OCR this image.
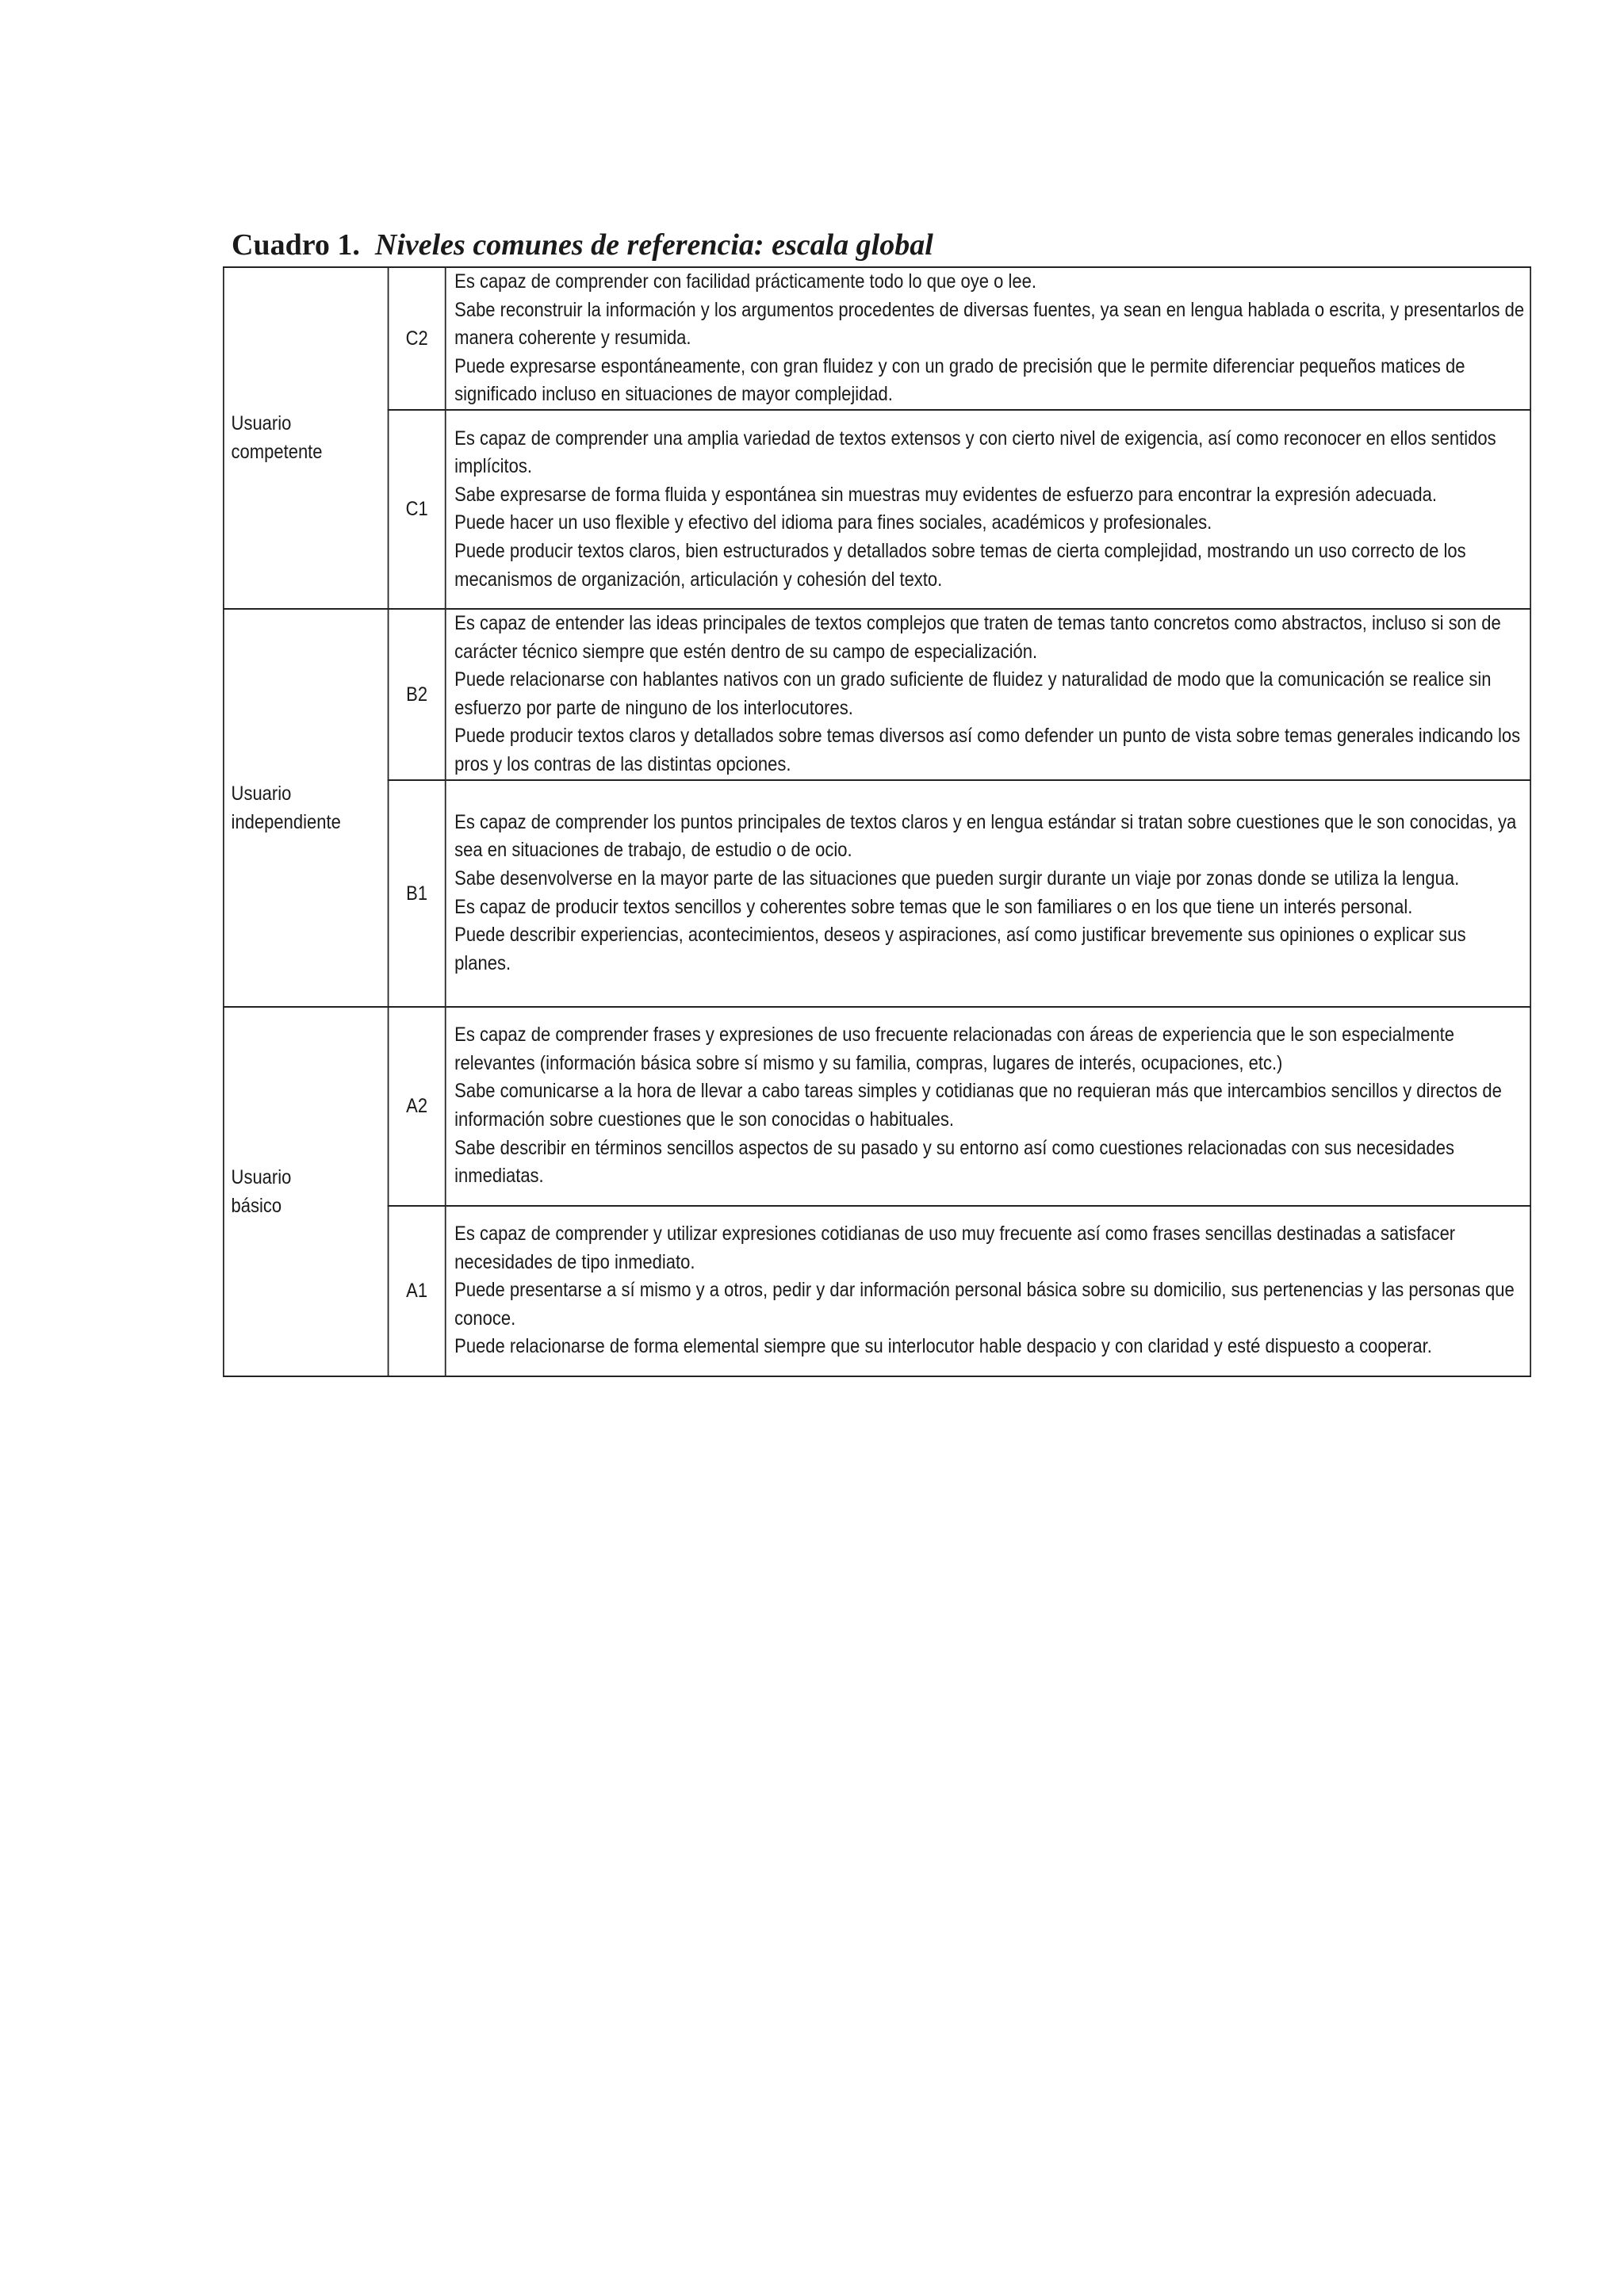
Cuadro 1. Niveles comunes de referencia: escala global
Usuario competente	C2	Es capaz de comprender con facilidad prácticamente todo lo que oye o lee.
Sabe reconstruir la información y los argumentos procedentes de diversas fuentes, ya sean en lengua hablada o escrita, y presentarlos de manera coherente y resumida.
Puede expresarse espontáneamente, con gran fluidez y con un grado de precisión que le permite diferenciar pequeños matices de significado incluso en situaciones de mayor complejidad.

	C1	Es capaz de comprender una amplia variedad de textos extensos y con cierto nivel de exigencia, así como reconocer en ellos sentidos implícitos.
Sabe expresarse de forma fluida y espontánea sin muestras muy evidentes de esfuerzo para encontrar la expresión adecuada.
Puede hacer un uso flexible y efectivo del idioma para fines sociales, académicos y profesionales.
Puede producir textos claros, bien estructurados y detallados sobre temas de cierta complejidad, mostrando un uso correcto de los mecanismos de organización, articulación y cohesión del texto.

Usuario independiente	B2	Es capaz de entender las ideas principales de textos complejos que traten de temas tanto concretos como abstractos, incluso si son de carácter técnico siempre que estén dentro de su campo de especialización.
Puede relacionarse con hablantes nativos con un grado suficiente de fluidez y naturalidad de modo que la comunicación se realice sin esfuerzo por parte de ninguno de los interlocutores.
Puede producir textos claros y detallados sobre temas diversos así como defender un punto de vista sobre temas generales indicando los pros y los contras de las distintas opciones.

	B1	Es capaz de comprender los puntos principales de textos claros y en lengua estándar si tratan sobre cuestiones que le son conocidas, ya sea en situaciones de trabajo, de estudio o de ocio.
Sabe desenvolverse en la mayor parte de las situaciones que pueden surgir durante un viaje por zonas donde se utiliza la lengua.
Es capaz de producir textos sencillos y coherentes sobre temas que le son familiares o en los que tiene un interés personal.
Puede describir experiencias, acontecimientos, deseos y aspiraciones, así como justificar brevemente sus opiniones o explicar sus planes.

Usuario básico	A2	Es capaz de comprender frases y expresiones de uso frecuente relacionadas con áreas de experiencia que le son especialmente relevantes (información básica sobre sí mismo y su familia, compras, lugares de interés, ocupaciones, etc.)
Sabe comunicarse a la hora de llevar a cabo tareas simples y cotidianas que no requieran más que intercambios sencillos y directos de información sobre cuestiones que le son conocidas o habituales.
Sabe describir en términos sencillos aspectos de su pasado y su entorno así como cuestiones relacionadas con sus necesidades inmediatas.

	A1	Es capaz de comprender y utilizar expresiones cotidianas de uso muy frecuente así como frases sencillas destinadas a satisfacer necesidades de tipo inmediato.
Puede presentarse a sí mismo y a otros, pedir y dar información personal básica sobre su domicilio, sus pertenencias y las personas que conoce.
Puede relacionarse de forma elemental siempre que su interlocutor hable despacio y con claridad y esté dispuesto a cooperar.
